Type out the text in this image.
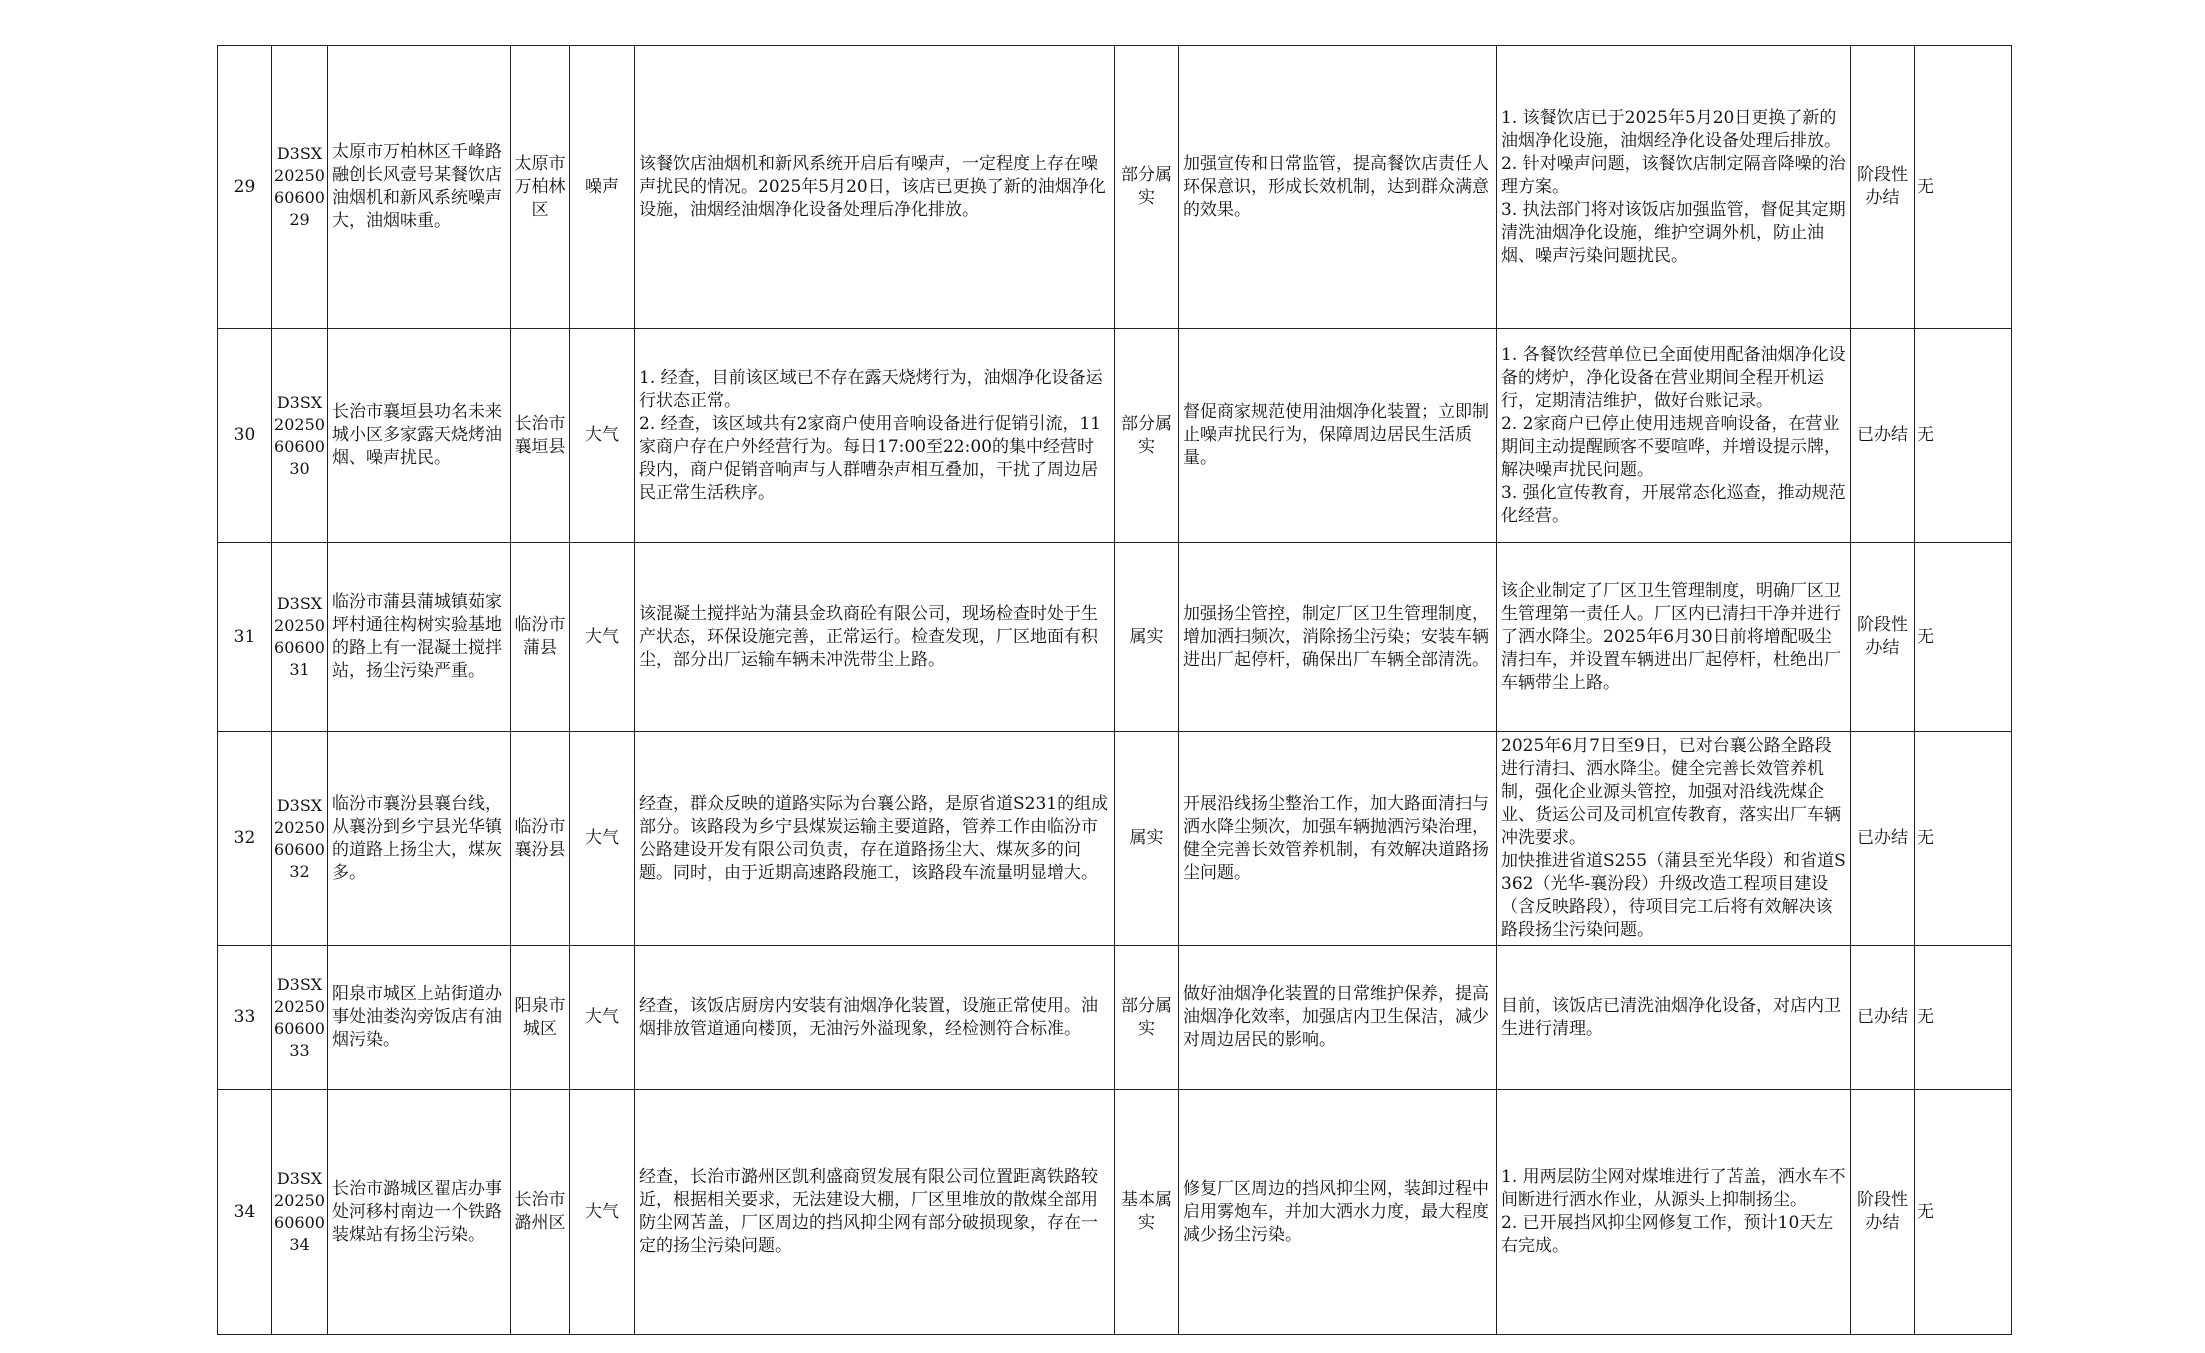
29	D3SX2025060600 29	太原市万柏林区千峰路融创长风壹号某餐饮店油烟机和新风系统噪声大，油烟味重。	太原市万柏林区	噪声	该餐饮店油烟机和新风系统开启后有噪声，一定程度上存在噪声扰民的情况。2025年5月20日，该店已更换了新的油烟净化设施，油烟经油烟净化设备处理后净化排放。	部分属实	加强宣传和日常监管，提高餐饮店责任人环保意识，形成长效机制，达到群众满意的效果。	1. 该餐饮店已于2025年5月20日更换了新的油烟净化设施，油烟经净化设备处理后排放。
2. 针对噪声问题，该餐饮店制定隔音降噪的治理方案。
3. 执法部门将对该饭店加强监管，督促其定期清洗油烟净化设施，维护空调外机，防止油烟、噪声污染问题扰民。	阶段性办结	无
30	D3SX2025060600 30	长治市襄垣县功名未来城小区多家露天烧烤油烟、噪声扰民。	长治市襄垣县	大气	1. 经查，目前该区域已不存在露天烧烤行为，油烟净化设备运行状态正常。
2. 经查，该区域共有2家商户使用音响设备进行促销引流，11家商户存在户外经营行为。每日17:00至22:00的集中经营时段内，商户促销音响声与人群嘈杂声相互叠加，干扰了周边居民正常生活秩序。	部分属实	督促商家规范使用油烟净化装置；立即制止噪声扰民行为，保障周边居民生活质量。	1. 各餐饮经营单位已全面使用配备油烟净化设备的烤炉，净化设备在营业期间全程开机运行，定期清洁维护，做好台账记录。
2. 2家商户已停止使用违规音响设备，在营业期间主动提醒顾客不要喧哗，并增设提示牌，解决噪声扰民问题。
3. 强化宣传教育，开展常态化巡查，推动规范化经营。	已办结	无
31	D3SX2025060600 31	临汾市蒲县蒲城镇茹家坪村通往构树实验基地的路上有一混凝土搅拌站，扬尘污染严重。	临汾市蒲县	大气	该混凝土搅拌站为蒲县金玖商砼有限公司，现场检查时处于生产状态，环保设施完善，正常运行。检查发现，厂区地面有积尘，部分出厂运输车辆未冲洗带尘上路。	属实	加强扬尘管控，制定厂区卫生管理制度，增加洒扫频次，消除扬尘污染；安装车辆进出厂起停杆，确保出厂车辆全部清洗。	该企业制定了厂区卫生管理制度，明确厂区卫生管理第一责任人。厂区内已清扫干净并进行了洒水降尘。2025年6月30日前将增配吸尘清扫车，并设置车辆进出厂起停杆，杜绝出厂车辆带尘上路。	阶段性办结	无
32	D3SX2025060600 32	临汾市襄汾县襄台线，从襄汾到乡宁县光华镇的道路上扬尘大，煤灰多。	临汾市襄汾县	大气	经查，群众反映的道路实际为台襄公路，是原省道S231的组成部分。该路段为乡宁县煤炭运输主要道路，管养工作由临汾市公路建设开发有限公司负责，存在道路扬尘大、煤灰多的问题。同时，由于近期高速路段施工，该路段车流量明显增大。	属实	开展沿线扬尘整治工作，加大路面清扫与洒水降尘频次，加强车辆抛洒污染治理，健全完善长效管养机制，有效解决道路扬尘问题。	2025年6月7日至9日，已对台襄公路全路段进行清扫、洒水降尘。健全完善长效管养机制，强化企业源头管控，加强对沿线洗煤企业、货运公司及司机宣传教育，落实出厂车辆冲洗要求。
加快推进省道S255（蒲县至光华段）和省道S362（光华-襄汾段）升级改造工程项目建设（含反映路段），待项目完工后将有效解决该路段扬尘污染问题。	已办结	无
33	D3SX2025060600 33	阳泉市城区上站街道办事处油娄沟旁饭店有油烟污染。	阳泉市城区	大气	经查，该饭店厨房内安装有油烟净化装置，设施正常使用。油烟排放管道通向楼顶，无油污外溢现象，经检测符合标准。	部分属实	做好油烟净化装置的日常维护保养，提高油烟净化效率，加强店内卫生保洁，减少对周边居民的影响。	目前，该饭店已清洗油烟净化设备，对店内卫生进行清理。	已办结	无
34	D3SX2025060600 34	长治市潞城区翟店办事处河移村南边一个铁路装煤站有扬尘污染。	长治市潞州区	大气	经查，长治市潞州区凯利盛商贸发展有限公司位置距离铁路较近，根据相关要求，无法建设大棚，厂区里堆放的散煤全部用防尘网苫盖，厂区周边的挡风抑尘网有部分破损现象，存在一定的扬尘污染问题。	基本属实	修复厂区周边的挡风抑尘网，装卸过程中启用雾炮车，并加大洒水力度，最大程度减少扬尘污染。	1. 用两层防尘网对煤堆进行了苫盖，洒水车不间断进行洒水作业，从源头上抑制扬尘。
2. 已开展挡风抑尘网修复工作，预计10天左右完成。	阶段性办结	无
